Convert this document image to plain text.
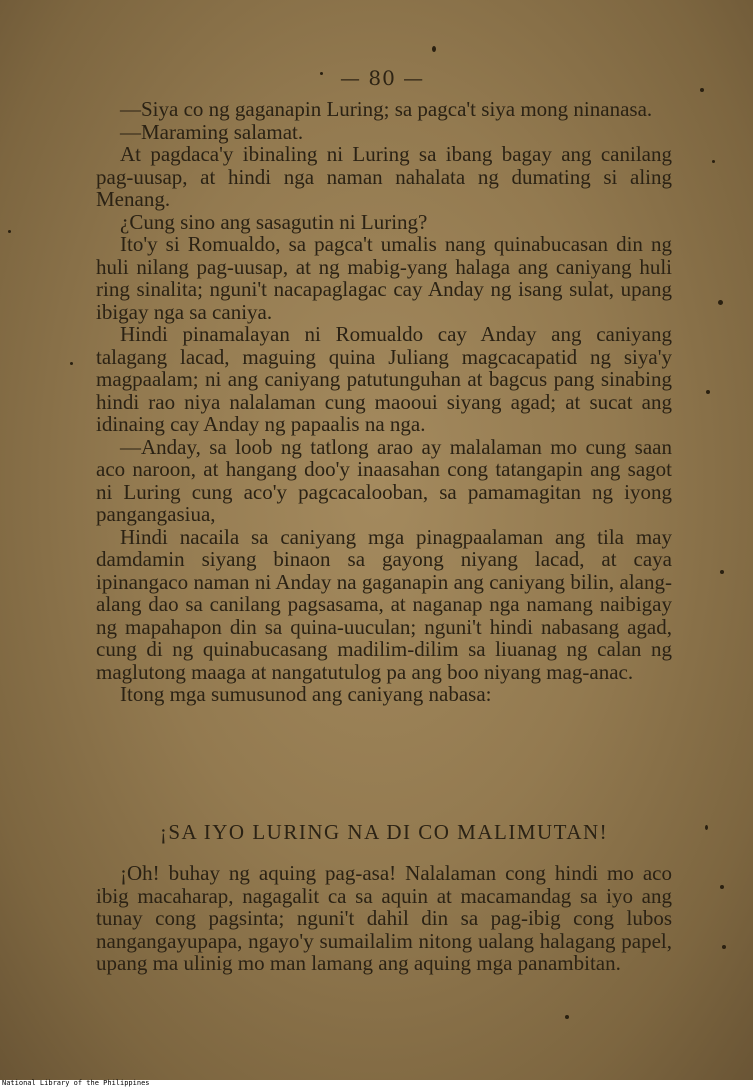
— 80 —

—Siya co ng gaganapin Luring; sa pagca't siya mong ninanasa.

—Maraming salamat.

At pagdaca'y ibinaling ni Luring sa ibang bagay ang canilang pag-uusap, at hindi nga naman nahalata ng dumating si aling Menang.

¿Cung sino ang sasagutin ni Luring?

Ito'y si Romualdo, sa pagca't umalis nang quinabucasan din ng huli nilang pag-uusap, at ng mabig-yang halaga ang caniyang huli ring sinalita; nguni't nacapaglagac cay Anday ng isang sulat, upang ibigay nga sa caniya.

Hindi pinamalayan ni Romualdo cay Anday ang caniyang talagang lacad, maguing quina Juliang magcacapatid ng siya'y magpaalam; ni ang caniyang patutunguhan at bagcus pang sinabing hindi rao niya nalalaman cung maooui siyang agad; at sucat ang idinaing cay Anday ng papaalis na nga.

—Anday, sa loob ng tatlong arao ay malalaman mo cung saan aco naroon, at hangang doo'y inaasahan cong tatangapin ang sagot ni Luring cung aco'y pagcacalooban, sa pamamagitan ng iyong pangangasiua,

Hindi nacaila sa caniyang mga pinagpaalaman ang tila may damdamin siyang binaon sa gayong niyang lacad, at caya ipinangaco naman ni Anday na gaganapin ang caniyang bilin, alang-alang dao sa canilang pagsasama, at naganap nga namang naibigay ng mapahapon din sa quina-uuculan; nguni't hindi nabasang agad, cung di ng quinabucasang madilim-dilim sa liuanag ng calan ng maglutong maaga at nangatutulog pa ang boo niyang mag-anac.

Itong mga sumusunod ang caniyang nabasa:

¡SA IYO LURING NA DI CO MALIMUTAN!

¡Oh! buhay ng aquing pag-asa! Nalalaman cong hindi mo aco ibig macaharap, nagagalit ca sa aquin at macamandag sa iyo ang tunay cong pagsinta; nguni't dahil din sa pag-ibig cong lubos nangangayupapa, ngayo'y sumailalim nitong ualang halagang papel, upang ma ulinig mo man lamang ang aquing mga panambitan.

National Library of the Philippines
